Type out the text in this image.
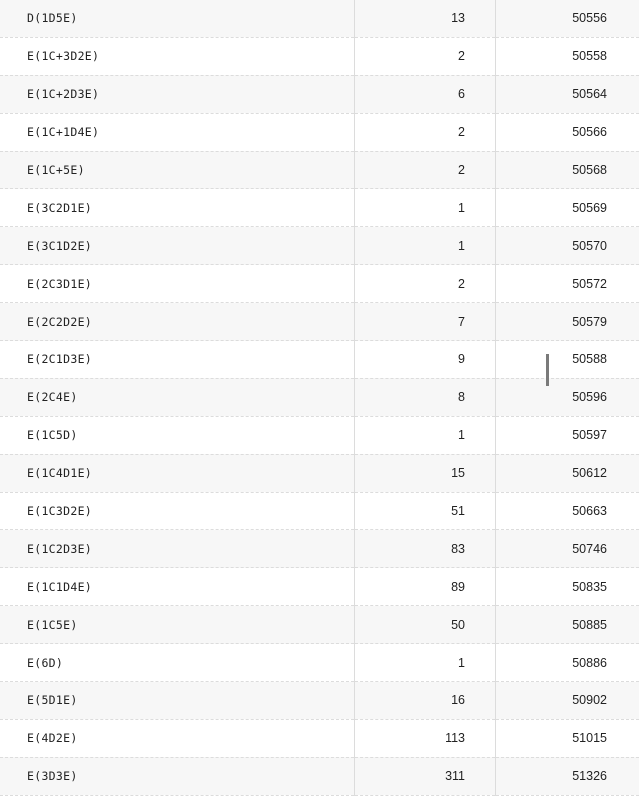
D(1D5E)	13	50556
E(1C+3D2E)	2	50558
E(1C+2D3E)	6	50564
E(1C+1D4E)	2	50566
E(1C+5E)	2	50568
E(3C2D1E)	1	50569
E(3C1D2E)	1	50570
E(2C3D1E)	2	50572
E(2C2D2E)	7	50579
E(2C1D3E)	9	50588
E(2C4E)	8	50596
E(1C5D)	1	50597
E(1C4D1E)	15	50612
E(1C3D2E)	51	50663
E(1C2D3E)	83	50746
E(1C1D4E)	89	50835
E(1C5E)	50	50885
E(6D)	1	50886
E(5D1E)	16	50902
E(4D2E)	113	51015
E(3D3E)	311	51326
